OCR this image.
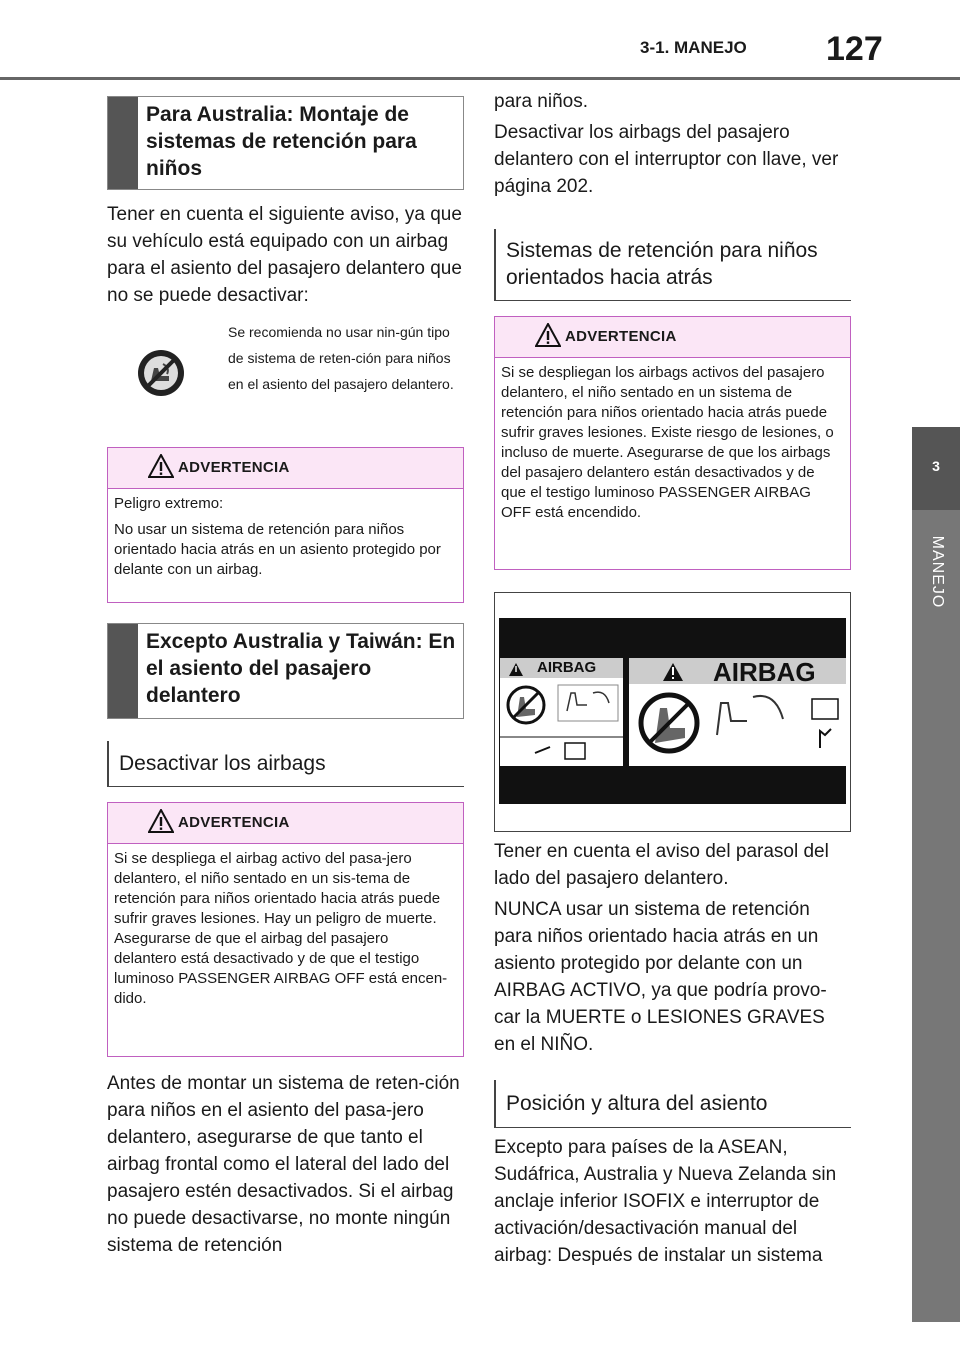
3-1. MANEJO 127
3
MANEJO
Para Australia: Montaje de sistemas de retención para niños

Tener en cuenta el siguiente aviso, ya que su vehículo está equipado con un airbag para el asiento del pasajero delantero que no se puede desactivar:

Se recomienda no usar nin-gún tipo de sistema de reten-ción para niños en el asiento del pasajero delantero.
ADVERTENCIA

Peligro extremo:

No usar un sistema de retención para niños orientado hacia atrás en un asiento protegido por delante con un airbag.

Excepto Australia y Taiwán: En el asiento del pasajero delantero
Desactivar los airbags
ADVERTENCIA

Si se despliega el airbag activo del pasa-jero delantero, el niño sentado en un sis-tema de retención para niños orientado hacia atrás puede sufrir graves lesiones. Hay un peligro de muerte. Asegurarse de que el airbag del pasajero delantero está desactivado y de que el testigo luminoso PASSENGER AIRBAG OFF está encen-dido.

Antes de montar un sistema de reten-ción para niños en el asiento del pasa-jero delantero, asegurarse de que tanto el airbag frontal como el lateral del lado del pasajero estén desactivados. Si el airbag no puede desactivarse, no monte ningún sistema de retención

para niños.

Desactivar los airbags del pasajero delantero con el interruptor con llave, ver página 202.

Sistemas de retención para niños orientados hacia atrás
ADVERTENCIA

Si se despliegan los airbags activos del pasajero delantero, el niño sentado en un sistema de retención para niños orientado hacia atrás puede sufrir graves lesiones. Existe riesgo de lesiones, o incluso de muerte. Asegurarse de que los airbags del pasajero delantero están desactivados y de que el testigo luminoso PASSENGER AIRBAG OFF está encendido.

AIRBAG	AIRBAG

Tener en cuenta el aviso del parasol del lado del pasajero delantero.

NUNCA usar un sistema de retención para niños orientado hacia atrás en un asiento protegido por delante con un AIRBAG ACTIVO, ya que podría provo-car la MUERTE o LESIONES GRAVES en el NIÑO.

Posición y altura del asiento

Excepto para países de la ASEAN, Sudáfrica, Australia y Nueva Zelanda sin anclaje inferior ISOFIX e interruptor de activación/desactivación manual del airbag: Después de instalar un sistema
